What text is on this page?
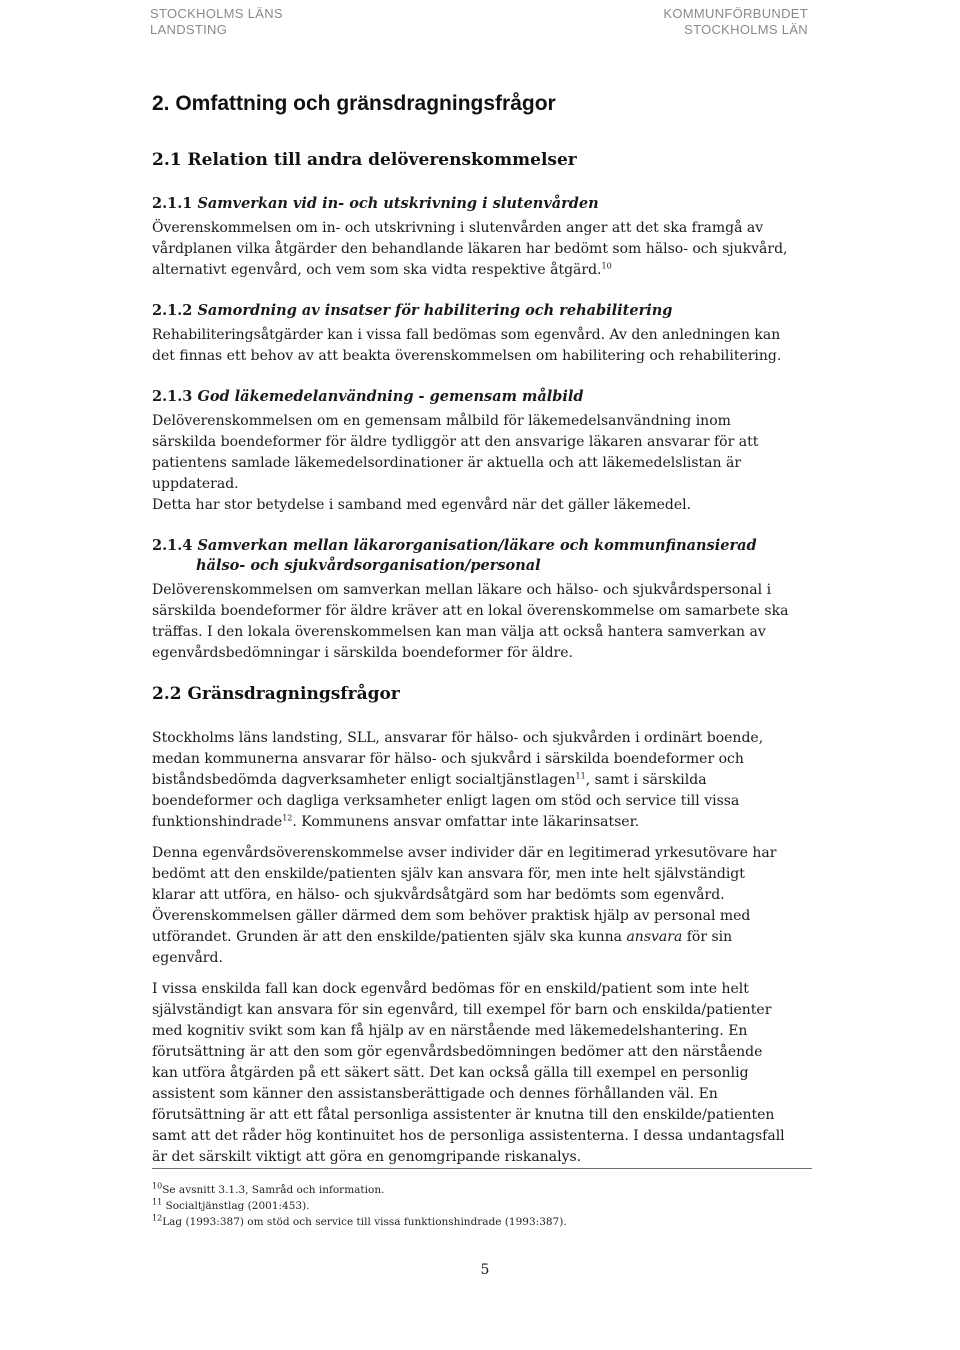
STOCKHOLMS LÄNS
LANDSTING
KOMMUNFÖRBUNDET
STOCKHOLMS LÄN
2. Omfattning och gränsdragningsfrågor
2.1 Relation till andra delöverenskommelser
2.1.1 Samverkan vid in- och utskrivning i slutenvården

Överenskommelsen om in- och utskrivning i slutenvården anger att det ska framgå av vårdplanen vilka åtgärder den behandlande läkaren har bedömt som hälso- och sjukvård, alternativt egenvård, och vem som ska vidta respektive åtgärd.$^{10}$

2.1.2 Samordning av insatser för habilitering och rehabilitering

Rehabiliteringsåtgärder kan i vissa fall bedömas som egenvård. Av den anledningen kan det finnas ett behov av att beakta överenskommelsen om habilitering och rehabilitering.

2.1.3 God läkemedelanvändning - gemensam målbild

Delöverenskommelsen om en gemensam målbild för läkemedelsanvändning inom särskilda boendeformer för äldre tydliggör att den ansvarige läkaren ansvarar för att patientens samlade läkemedelsordinationer är aktuella och att läkemedelslistan är uppdaterad.

Detta har stor betydelse i samband med egenvård när det gäller läkemedel.

2.1.4 Samverkan mellan läkarorganisation/läkare och kommunfinansierad
hälso- och sjukvårdsorganisation/personal

Delöverenskommelsen om samverkan mellan läkare och hälso- och sjukvårdspersonal i särskilda boendeformer för äldre kräver att en lokal överenskommelse om samarbete ska träffas. I den lokala överenskommelsen kan man välja att också hantera samverkan av egenvårdsbedömningar i särskilda boendeformer för äldre.

2.2 Gränsdragningsfrågor

Stockholms läns landsting, SLL, ansvarar för hälso- och sjukvården i ordinärt boende, medan kommunerna ansvarar för hälso- och sjukvård i särskilda boendeformer och biståndsbedömda dagverksamheter enligt socialtjänstlagen$^{11}$, samt i särskilda boendeformer och dagliga verksamheter enligt lagen om stöd och service till vissa funktionshindrade$^{12}$. Kommunens ansvar omfattar inte läkarinsatser.

Denna egenvårdsöverenskommelse avser individer där en legitimerad yrkesutövare har bedömt att den enskilde/patienten själv kan ansvara för, men inte helt självständigt klarar att utföra, en hälso- och sjukvårdsåtgärd som har bedömts som egenvård. Överenskommelsen gäller därmed dem som behöver praktisk hjälp av personal med utförandet. Grunden är att den enskilde/patienten själv ska kunna ansvara för sin egenvård.

I vissa enskilda fall kan dock egenvård bedömas för en enskild/patient som inte helt självständigt kan ansvara för sin egenvård, till exempel för barn och enskilda/patienter med kognitiv svikt som kan få hjälp av en närstående med läkemedelshantering. En förutsättning är att den som gör egenvårdsbedömningen bedömer att den närstående kan utföra åtgärden på ett säkert sätt. Det kan också gälla till exempel en personlig assistent som känner den assistansberättigade och dennes förhållanden väl. En förutsättning är att ett fåtal personliga assistenter är knutna till den enskilde/patienten samt att det råder hög kontinuitet hos de personliga assistenterna. I dessa undantagsfall är det särskilt viktigt att göra en genomgripande riskanalys.

$^{10}$Se avsnitt 3.1.3, Samråd och information.
$^{11}$ Socialtjänstlag (2001:453).
$^{12}$Lag (1993:387) om stöd och service till vissa funktionshindrade (1993:387).
5
